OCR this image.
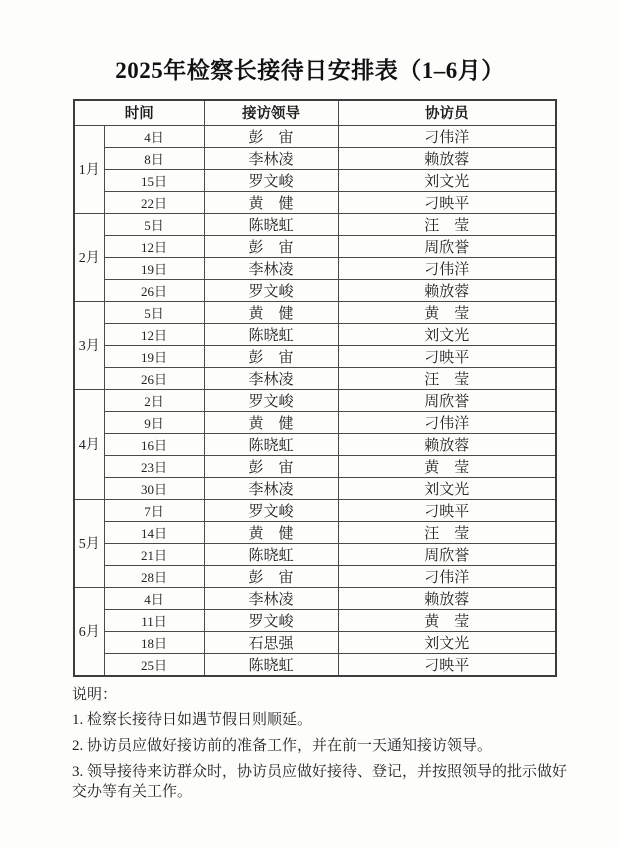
2025年检察长接待日安排表（1–6月）
时间		接访领导	协访员
1月	4日	彭　宙	刁伟洋
	8日	李林凌	赖放蓉
	15日	罗文峻	刘文光
	22日	黄　健	刁映平
2月	5日	陈晓虹	汪　莹
	12日	彭　宙	周欣誉
	19日	李林凌	刁伟洋
	26日	罗文峻	赖放蓉
3月	5日	黄　健	黄　莹
	12日	陈晓虹	刘文光
	19日	彭　宙	刁映平
	26日	李林凌	汪　莹
4月	2日	罗文峻	周欣誉
	9日	黄　健	刁伟洋
	16日	陈晓虹	赖放蓉
	23日	彭　宙	黄　莹
	30日	李林凌	刘文光
5月	7日	罗文峻	刁映平
	14日	黄　健	汪　莹
	21日	陈晓虹	周欣誉
	28日	彭　宙	刁伟洋
6月	4日	李林凌	赖放蓉
	11日	罗文峻	黄　莹
	18日	石思强	刘文光
	25日	陈晓虹	刁映平
说明：

1. 检察长接待日如遇节假日则顺延。

2. 协访员应做好接访前的准备工作，并在前一天通知接访领导。

3. 领导接待来访群众时，协访员应做好接待、登记，并按照领导的批示做好交办等有关工作。
